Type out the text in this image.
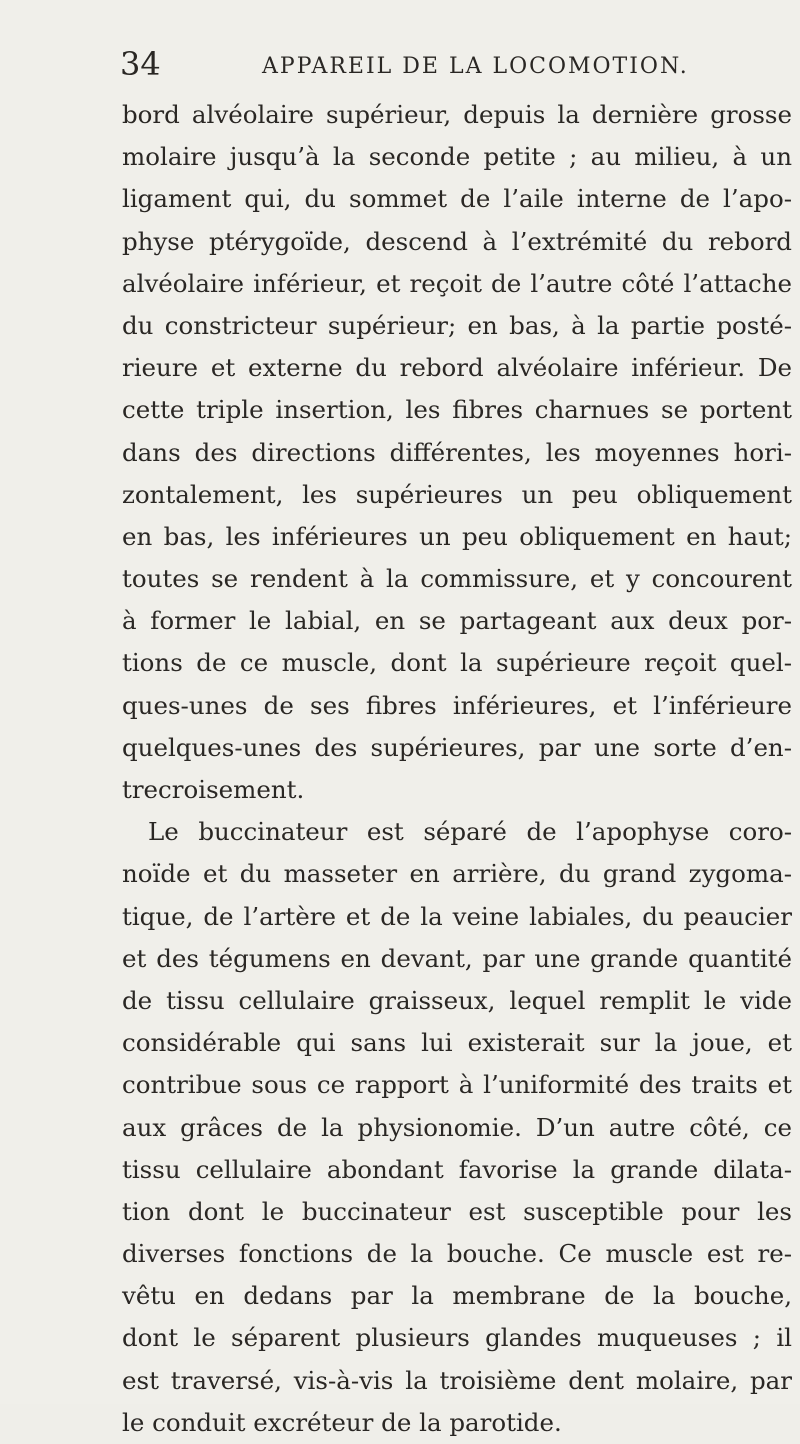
34	APPAREIL DE LA LOCOMOTION.
bord alvéolaire supérieur, depuis la dernière grosse
molaire jusqu’à la seconde petite ; au milieu, à un
ligament qui, du sommet de l’aile interne de l’apo-
physe ptérygoïde, descend à l’extrémité du rebord
alvéolaire inférieur, et reçoit de l’autre côté l’attache
du constricteur supérieur; en bas, à la partie posté-
rieure et externe du rebord alvéolaire inférieur. De
cette triple insertion, les fibres charnues se portent
dans des directions différentes, les moyennes hori-
zontalement, les supérieures un peu obliquement
en bas, les inférieures un peu obliquement en haut;
toutes se rendent à la commissure, et y concourent
à former le labial, en se partageant aux deux por-
tions de ce muscle, dont la supérieure reçoit quel-
ques-unes de ses fibres inférieures, et l’inférieure
quelques-unes des supérieures, par une sorte d’en-
trecroisement.
Le buccinateur est séparé de l’apophyse coro-
noïde et du masseter en arrière, du grand zygoma-
tique, de l’artère et de la veine labiales, du peaucier
et des tégumens en devant, par une grande quantité
de tissu cellulaire graisseux, lequel remplit le vide
considérable qui sans lui existerait sur la joue, et
contribue sous ce rapport à l’uniformité des traits et
aux grâces de la physionomie. D’un autre côté, ce
tissu cellulaire abondant favorise la grande dilata-
tion dont le buccinateur est susceptible pour les
diverses fonctions de la bouche. Ce muscle est re-
vêtu en dedans par la membrane de la bouche,
dont le séparent plusieurs glandes muqueuses ; il
est traversé, vis-à-vis la troisième dent molaire, par
le conduit excréteur de la parotide.
